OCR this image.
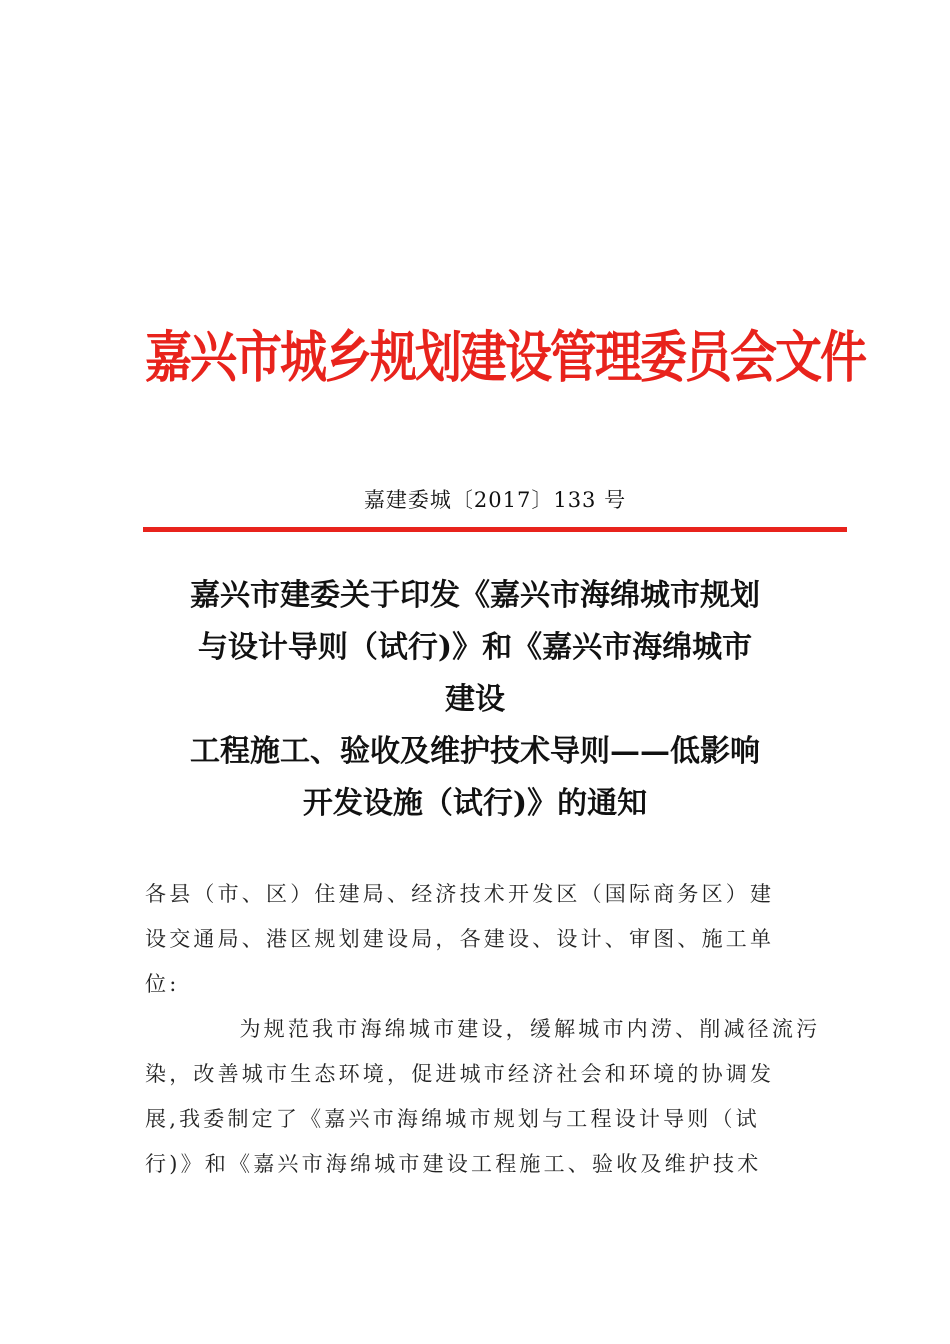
嘉兴市城乡规划建设管理委员会文件
嘉建委城〔2017〕133 号
嘉兴市建委关于印发《嘉兴市海绵城市规划
与设计导则（试行)》和《嘉兴市海绵城市
建设
工程施工、验收及维护技术导则——低影响
开发设施（试行)》的通知
各县（市、区）住建局、经济技术开发区（国际商务区）建
设交通局、港区规划建设局，各建设、设计、审图、施工单
位:
为规范我市海绵城市建设，缓解城市内涝、削减径流污
染，改善城市生态环境，促进城市经济社会和环境的协调发
展,我委制定了《嘉兴市海绵城市规划与工程设计导则（试
行)》和《嘉兴市海绵城市建设工程施工、验收及维护技术
